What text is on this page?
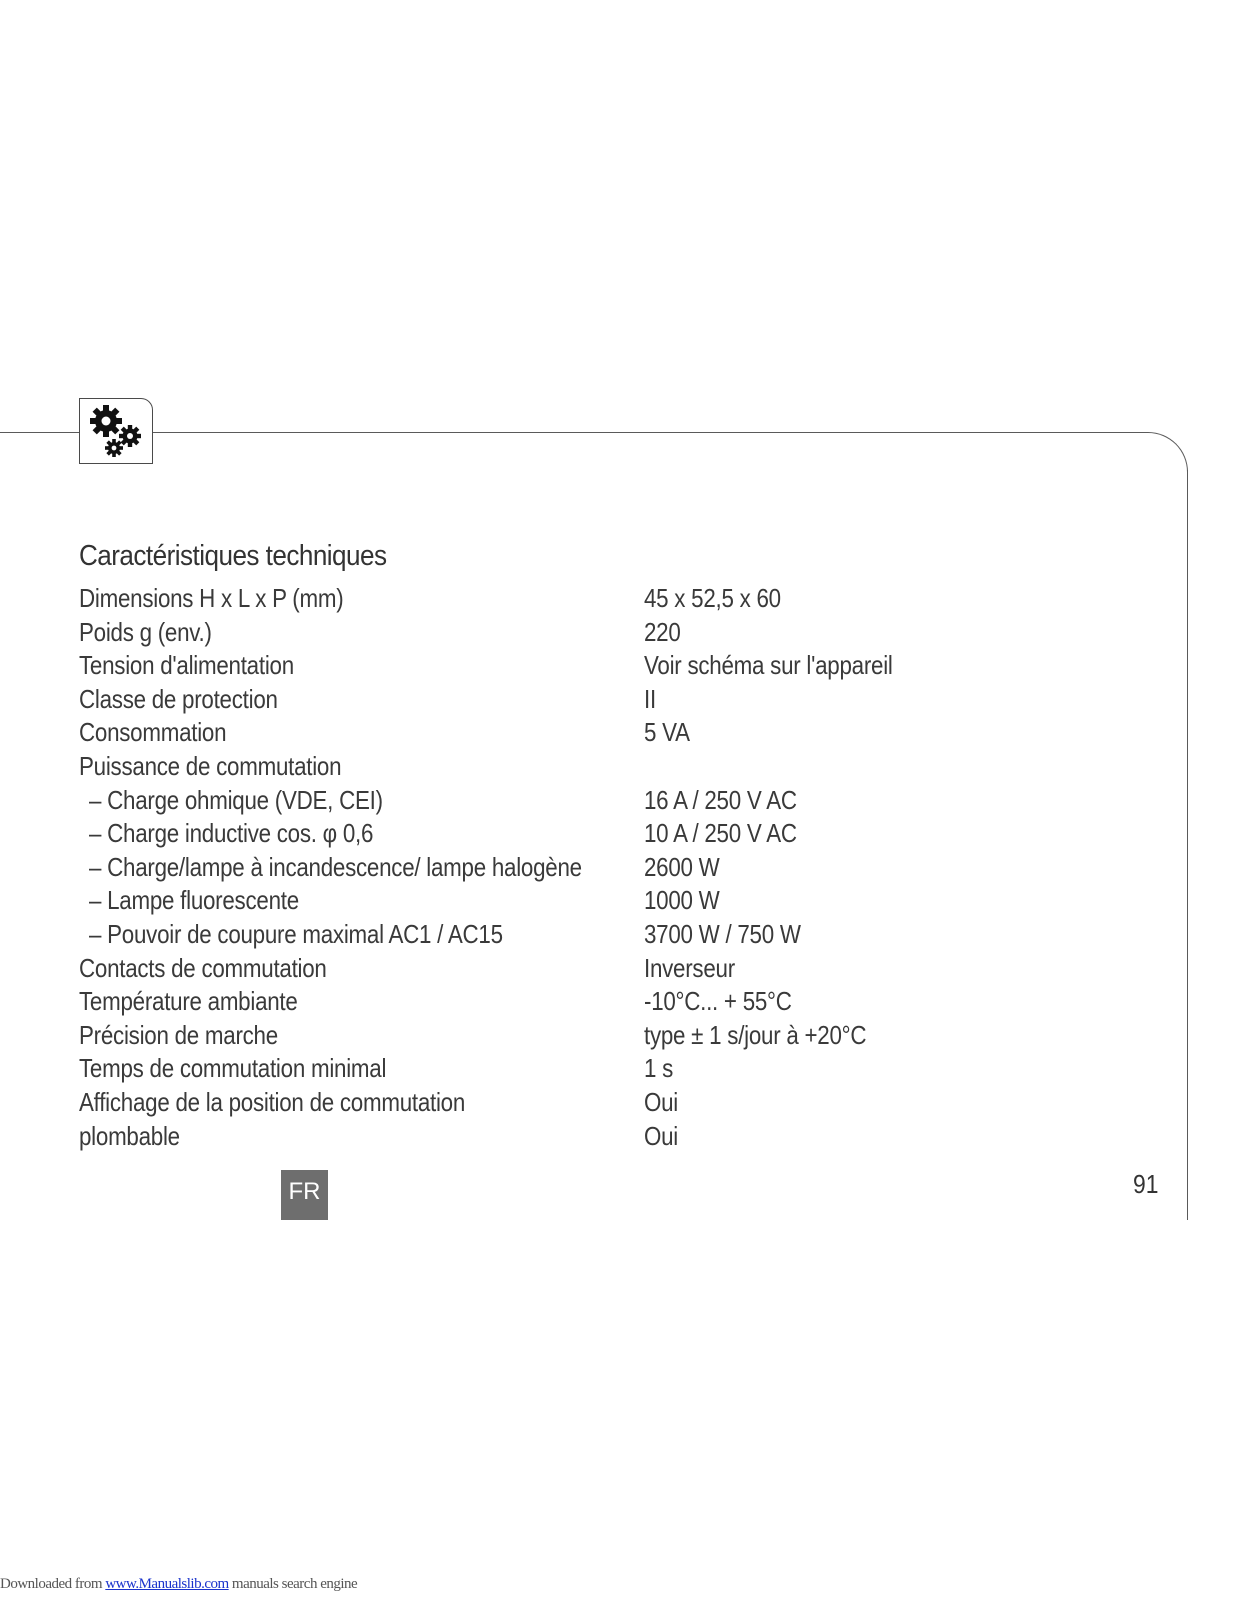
Caractéristiques techniques
Dimensions H x L x P (mm)	45 x 52,5 x 60
Poids g (env.)	220
Tension d'alimentation	Voir schéma sur l'appareil
Classe de protection	II
Consommation	5 VA
Puissance de commutation
– Charge ohmique (VDE, CEI)	16 A / 250 V AC
– Charge inductive cos. φ 0,6	10 A / 250 V AC
– Charge/lampe à incandescence/ lampe halogène 2600 W
– Lampe fluorescente	1000 W
– Pouvoir de coupure maximal AC1 / AC15	3700 W / 750 W
Contacts de commutation	Inverseur
Température ambiante	-10°C... + 55°C
Précision de marche	type ± 1 s/jour à +20°C
Temps de commutation minimal	1 s
Affichage de la position de commutation	Oui
plombable	Oui
FR	91
Downloaded from www.Manualslib.com manuals search engine
